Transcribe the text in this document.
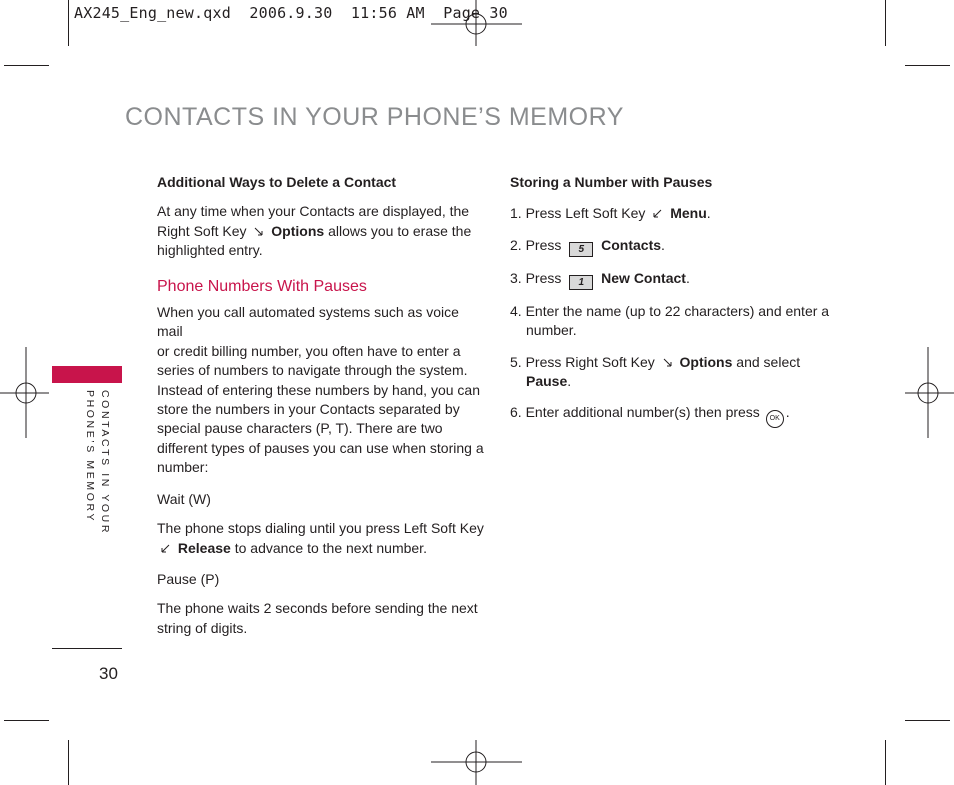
AX245_Eng_new.qxd  2006.9.30  11:56 AM  Page 30
CONTACTS IN YOUR PHONE’S MEMORY

Additional Ways to Delete a Contact

At any time when your Contacts are displayed, the
Right Soft Key Options allows you to erase the
highlighted entry.

Phone Numbers With Pauses

When you call automated systems such as voice mail
or credit billing number, you often have to enter a
series of numbers to navigate through the system.
Instead of entering these numbers by hand, you can
store the numbers in your Contacts separated by
special pause characters (P, T). There are two
different types of pauses you can use when storing a
number:

Wait (W)

The phone stops dialing until you press Left Soft Key
Release to advance to the next number.

Pause (P)

The phone waits 2 seconds before sending the next
string of digits.

Storing a Number with Pauses

1. Press Left Soft Key Menu.

2. Press 5 Contacts.

3. Press 1 New Contact.

4. Enter the name (up to 22 characters) and enter a
number.

5. Press Right Soft Key Options and select
Pause.

6. Enter additional number(s) then press OK .

CONTACTS IN YOUR
PHONE’S MEMORY
30
